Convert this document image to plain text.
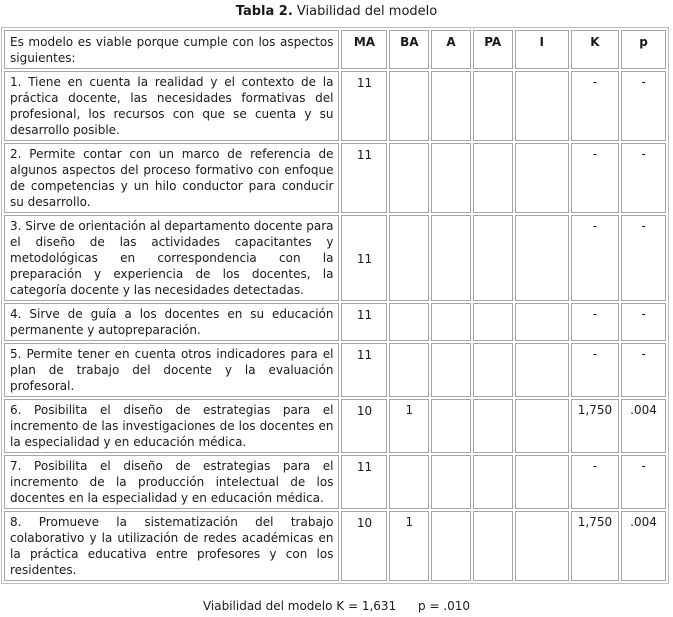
Tabla 2. Viabilidad del modelo
Es modelo es viable porque cumple con los aspectos siguientes:	MA	BA	A	PA	I	K	p
1. Tiene en cuenta la realidad y el contexto de la práctica docente, las necesidades formativas del profesional, los recursos con que se cuenta y su desarrollo posible.	11					-	-
2. Permite contar con un marco de referencia de algunos aspectos del proceso formativo con enfoque de competencias y un hilo conductor para conducir su desarrollo.	11					-	-
3. Sirve de orientación al departamento docente para el diseño de las actividades capacitantes y metodológicas en correspondencia con la preparación y experiencia de los docentes, la categoría docente y las necesidades detectadas.	11					-	-
4. Sirve de guía a los docentes en su educación permanente y autopreparación.	11					-	-
5. Permite tener en cuenta otros indicadores para el plan de trabajo del docente y la evaluación profesoral.	11					-	-
6. Posibilita el diseño de estrategias para el incremento de las investigaciones de los docentes en la especialidad y en educación médica.	10	1				1,750	.004
7. Posibilita el diseño de estrategias para el incremento de la producción intelectual de los docentes en la especialidad y en educación médica.	11					-	-
8. Promueve la sistematización del trabajo colaborativo y la utilización de redes académicas en la práctica educativa entre profesores y con los residentes.	10	1				1,750	.004
Viabilidad del modelo K = 1,631 p = .010
